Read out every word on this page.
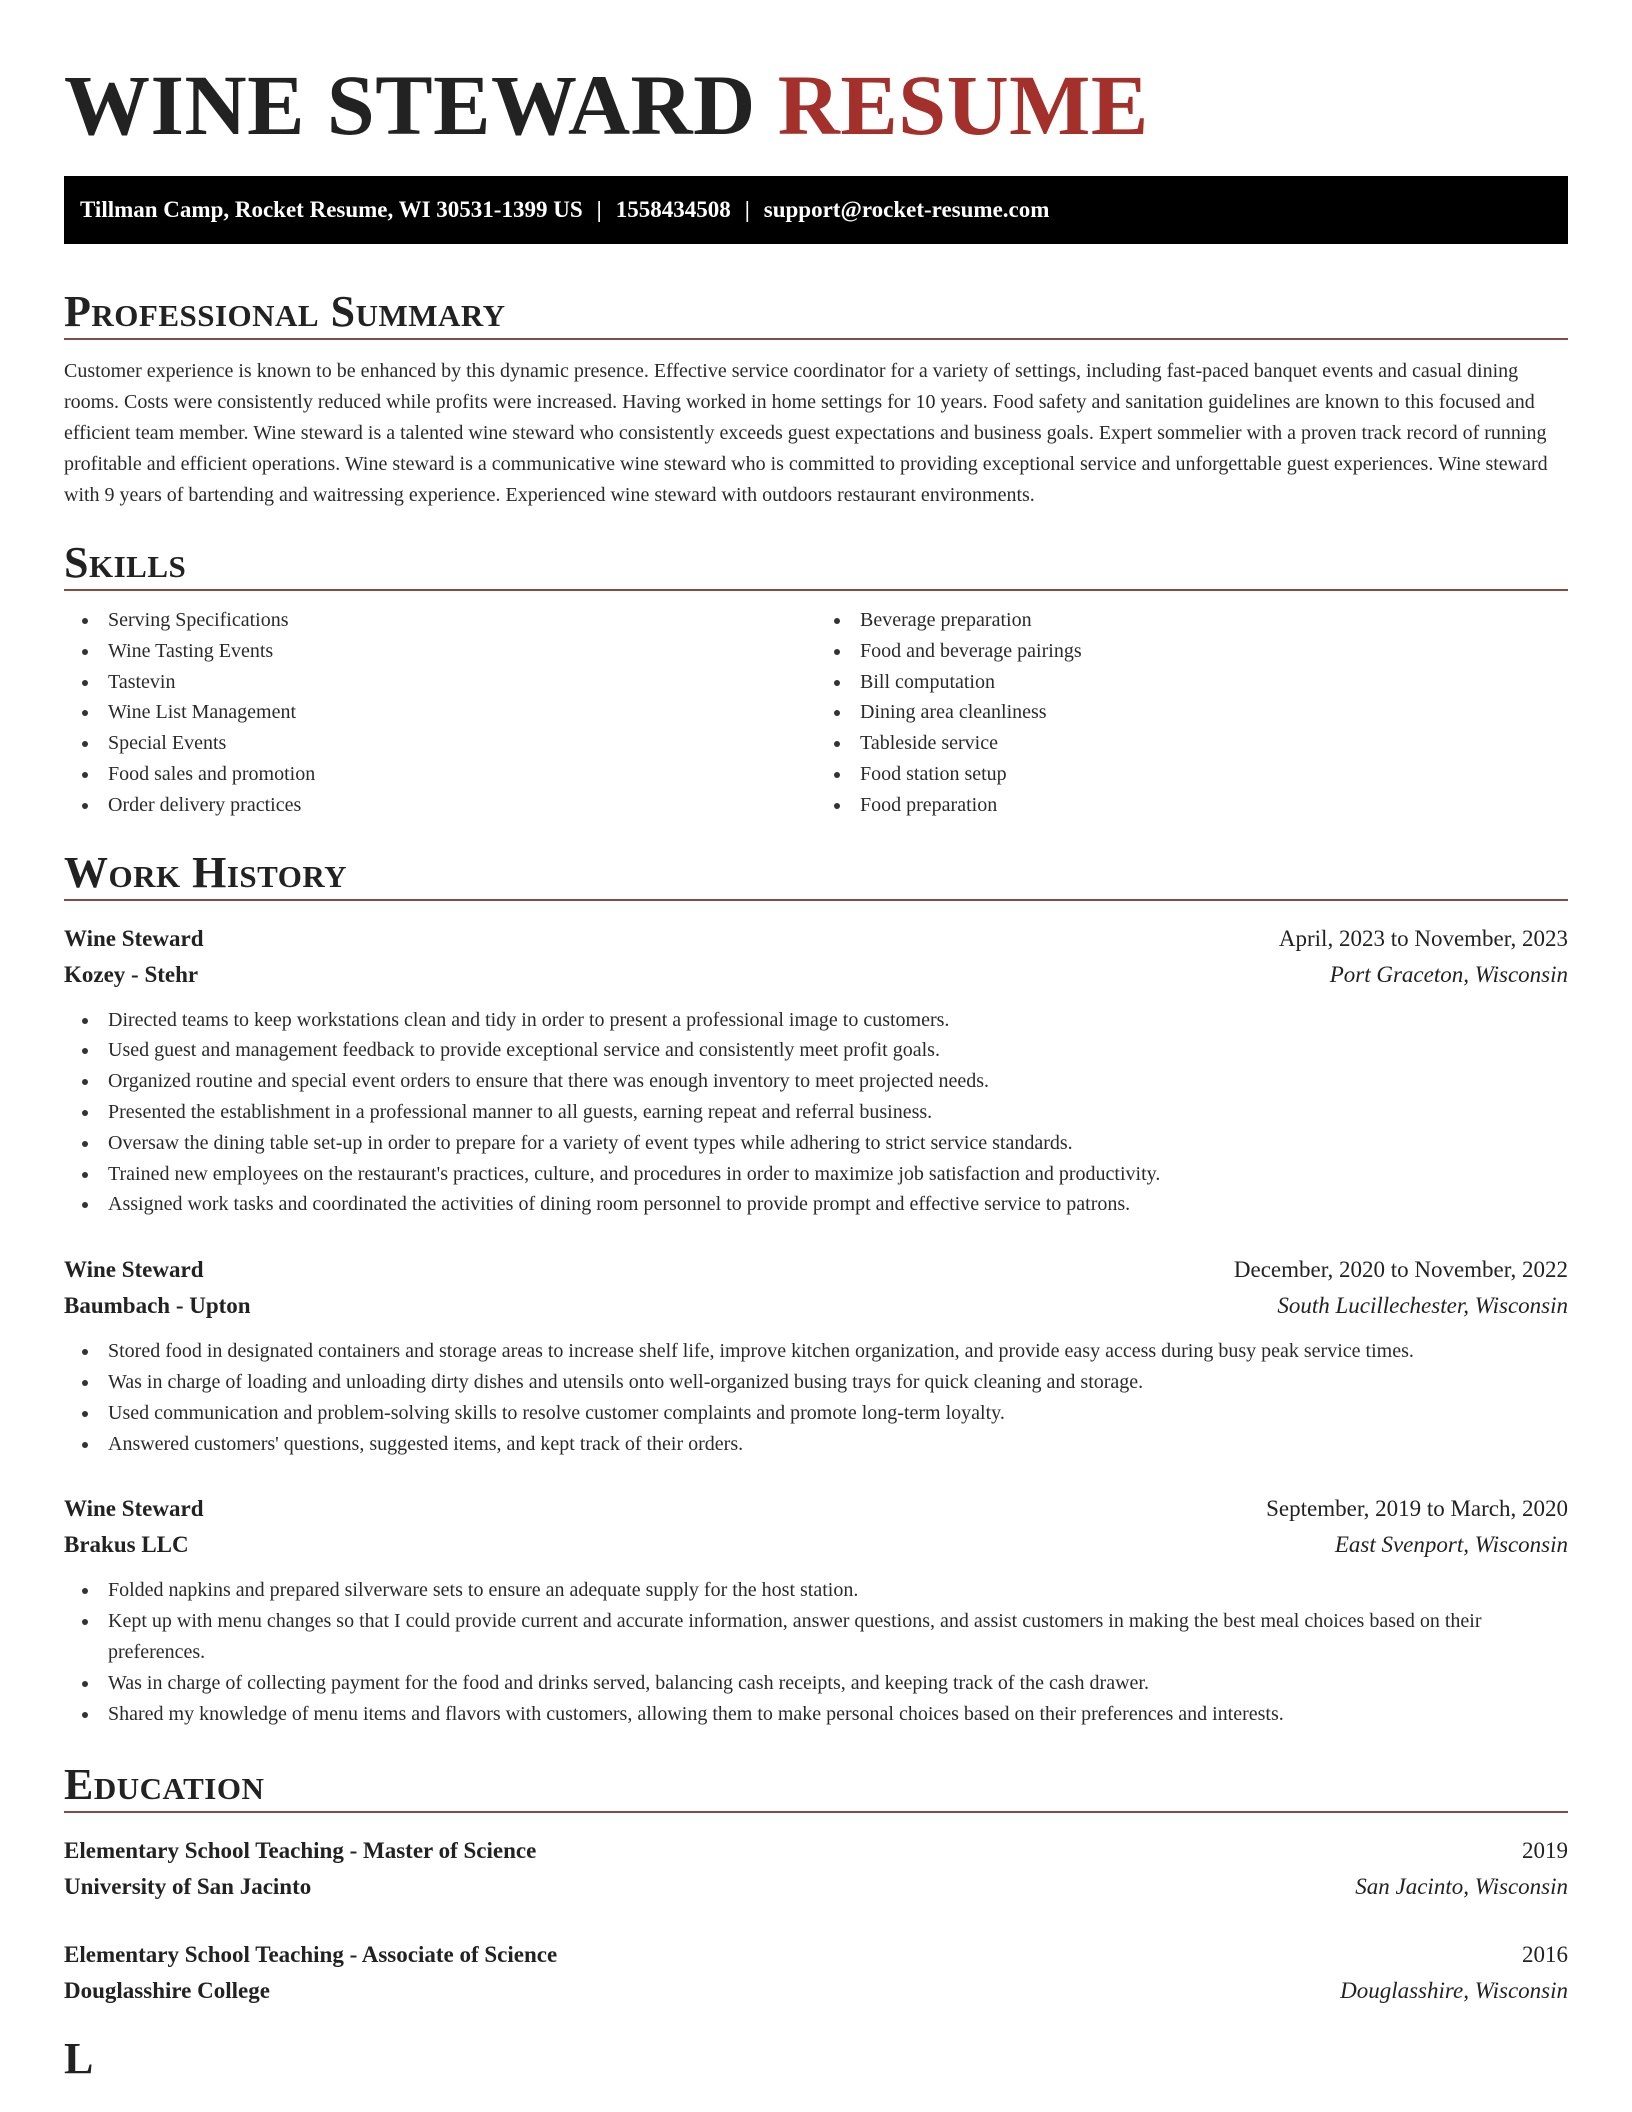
WINE STEWARD RESUME
Tillman Camp, Rocket Resume, WI 30531-1399 US | 1558434508 | support@rocket-resume.com
Professional Summary

Customer experience is known to be enhanced by this dynamic presence. Effective service coordinator for a variety of settings, including fast-paced banquet events and casual dining rooms. Costs were consistently reduced while profits were increased. Having worked in home settings for 10 years. Food safety and sanitation guidelines are known to this focused and efficient team member. Wine steward is a talented wine steward who consistently exceeds guest expectations and business goals. Expert sommelier with a proven track record of running profitable and efficient operations. Wine steward is a communicative wine steward who is committed to providing exceptional service and unforgettable guest experiences. Wine steward with 9 years of bartending and waitressing experience. Experienced wine steward with outdoors restaurant environments.

Skills
Serving Specifications
Wine Tasting Events
Tastevin
Wine List Management
Special Events
Food sales and promotion
Order delivery practices
Beverage preparation
Food and beverage pairings
Bill computation
Dining area cleanliness
Tableside service
Food station setup
Food preparation
Work History
Wine Steward	April, 2023 to November, 2023
Kozey - Stehr	Port Graceton, Wisconsin
Directed teams to keep workstations clean and tidy in order to present a professional image to customers.
Used guest and management feedback to provide exceptional service and consistently meet profit goals.
Organized routine and special event orders to ensure that there was enough inventory to meet projected needs.
Presented the establishment in a professional manner to all guests, earning repeat and referral business.
Oversaw the dining table set-up in order to prepare for a variety of event types while adhering to strict service standards.
Trained new employees on the restaurant's practices, culture, and procedures in order to maximize job satisfaction and productivity.
Assigned work tasks and coordinated the activities of dining room personnel to provide prompt and effective service to patrons.
Wine Steward	December, 2020 to November, 2022
Baumbach - Upton	South Lucillechester, Wisconsin
Stored food in designated containers and storage areas to increase shelf life, improve kitchen organization, and provide easy access during busy peak service times.
Was in charge of loading and unloading dirty dishes and utensils onto well-organized busing trays for quick cleaning and storage.
Used communication and problem-solving skills to resolve customer complaints and promote long-term loyalty.
Answered customers' questions, suggested items, and kept track of their orders.
Wine Steward	September, 2019 to March, 2020
Brakus LLC	East Svenport, Wisconsin
Folded napkins and prepared silverware sets to ensure an adequate supply for the host station.
Kept up with menu changes so that I could provide current and accurate information, answer questions, and assist customers in making the best meal choices based on their preferences.
Was in charge of collecting payment for the food and drinks served, balancing cash receipts, and keeping track of the cash drawer.
Shared my knowledge of menu items and flavors with customers, allowing them to make personal choices based on their preferences and interests.
Education
Elementary School Teaching - Master of Science	2019
University of San Jacinto	San Jacinto, Wisconsin
Elementary School Teaching - Associate of Science	2016
Douglasshire College	Douglasshire, Wisconsin
L
